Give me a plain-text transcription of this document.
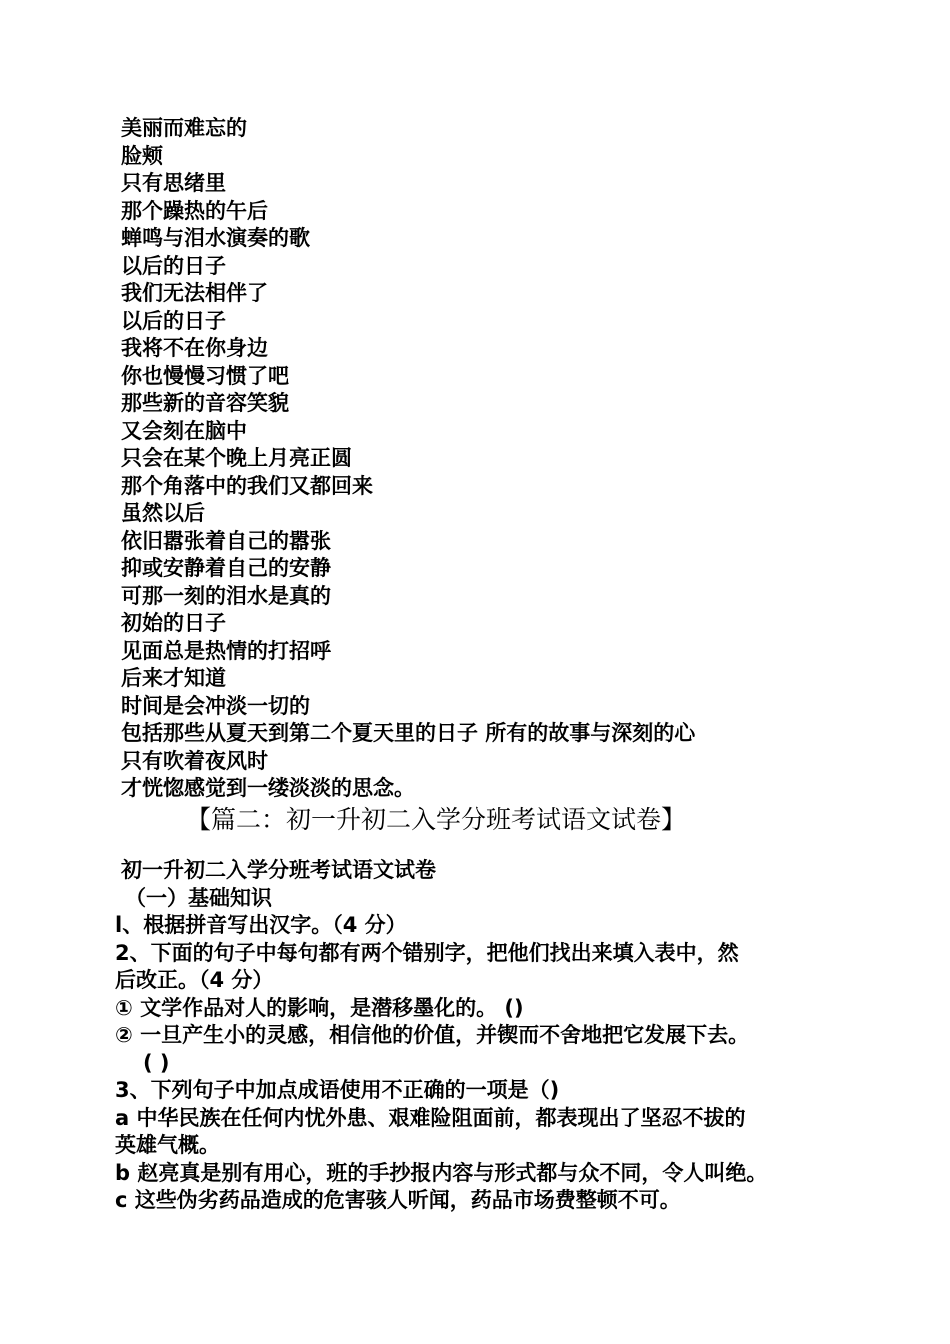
美丽而难忘的
脸颊
只有思绪里
那个躁热的午后
蝉鸣与泪水演奏的歌
以后的日子
我们无法相伴了
以后的日子
我将不在你身边
你也慢慢习惯了吧
那些新的音容笑貌
又会刻在脑中
只会在某个晚上月亮正圆
那个角落中的我们又都回来
虽然以后
依旧嚣张着自己的嚣张
抑或安静着自己的安静
可那一刻的泪水是真的
初始的日子
见面总是热情的打招呼
后来才知道
时间是会冲淡一切的
包括那些从夏天到第二个夏天里的日子 所有的故事与深刻的心
只有吹着夜风时
才恍惚感觉到一缕淡淡的思念。
【篇二：初一升初二入学分班考试语文试卷】
初一升初二入学分班考试语文试卷
（一）基础知识
l、根据拼音写出汉字。（4 分）
2、下面的句子中每句都有两个错别字，把他们找出来填入表中，然
后改正。（4 分）
① 文学作品对人的影响，是潜移墨化的。 ()
② 一旦产生小的灵感，相信他的价值，并锲而不舍地把它发展下去。
( )
3、下列句子中加点成语使用不正确的一项是（)
a 中华民族在任何内忧外患、艰难险阻面前，都表现出了坚忍不拔的
英雄气概。
b 赵亮真是别有用心，班的手抄报内容与形式都与众不同，令人叫绝。
c 这些伪劣药品造成的危害骇人听闻，药品市场费整顿不可。
